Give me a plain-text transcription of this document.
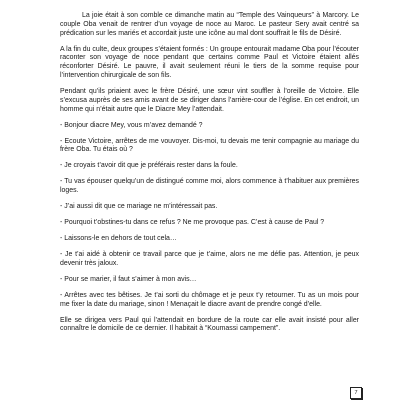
La joie était à son comble ce dimanche matin au “Temple des Vainqueurs” à Marcory. Le couple Oba venait de rentrer d’un voyage de noce au Maroc. Le pasteur Sery avait centré sa prédication sur les mariés et accordait juste une icône au mal dont souffrait le fils de Désiré.

A la fin du culte, deux groupes s’étaient formés : Un groupe entourait madame Oba pour l’écouter raconter son voyage de noce pendant que certains comme Paul et Victoire étaient allés réconforter Désiré. Le pauvre, il avait seulement réuni le tiers de la somme requise pour l’intervention chirurgicale de son fils.

Pendant qu’ils priaient avec le frère Désiré, une sœur vint souffler à l’oreille de Victoire. Elle s’excusa auprès de ses amis avant de se diriger dans l’arrière-cour de l’église. En cet endroit, un homme qui n’était autre que le Diacre Mey l’attendait.

- Bonjour diacre Mey, vous m’avez demandé ?

- Ecoute Victoire, arrêtes de me vouvoyer. Dis-moi, tu devais me tenir compagnie au mariage du frère Oba. Tu étais où ?

- Je croyais t’avoir dit que je préférais rester dans la foule.

- Tu vas épouser quelqu’un de distingué comme moi, alors commence à t’habituer aux premières loges.

- J’ai aussi dit que ce mariage ne m’intéressait pas.

- Pourquoi t’obstines-tu dans ce refus ? Ne me provoque pas. C’est à cause de Paul ?

- Laissons-le en dehors de tout cela…

- Je t’ai aidé à obtenir ce travail parce que je t’aime, alors ne me défie pas. Attention, je peux devenir très jaloux.

- Pour se marier, il faut s’aimer à mon avis…

- Arrêtes avec tes bêtises. Je t’ai sorti du chômage et je peux t’y retourner. Tu as un mois pour me fixer la date du mariage, sinon ! Menaçait le diacre avant de prendre congé d’elle.

Elle se dirigea vers Paul qui l’attendait en bordure de la route car elle avait insisté pour aller connaître le domicile de ce dernier. Il habitait à “Koumassi campement”.

7
